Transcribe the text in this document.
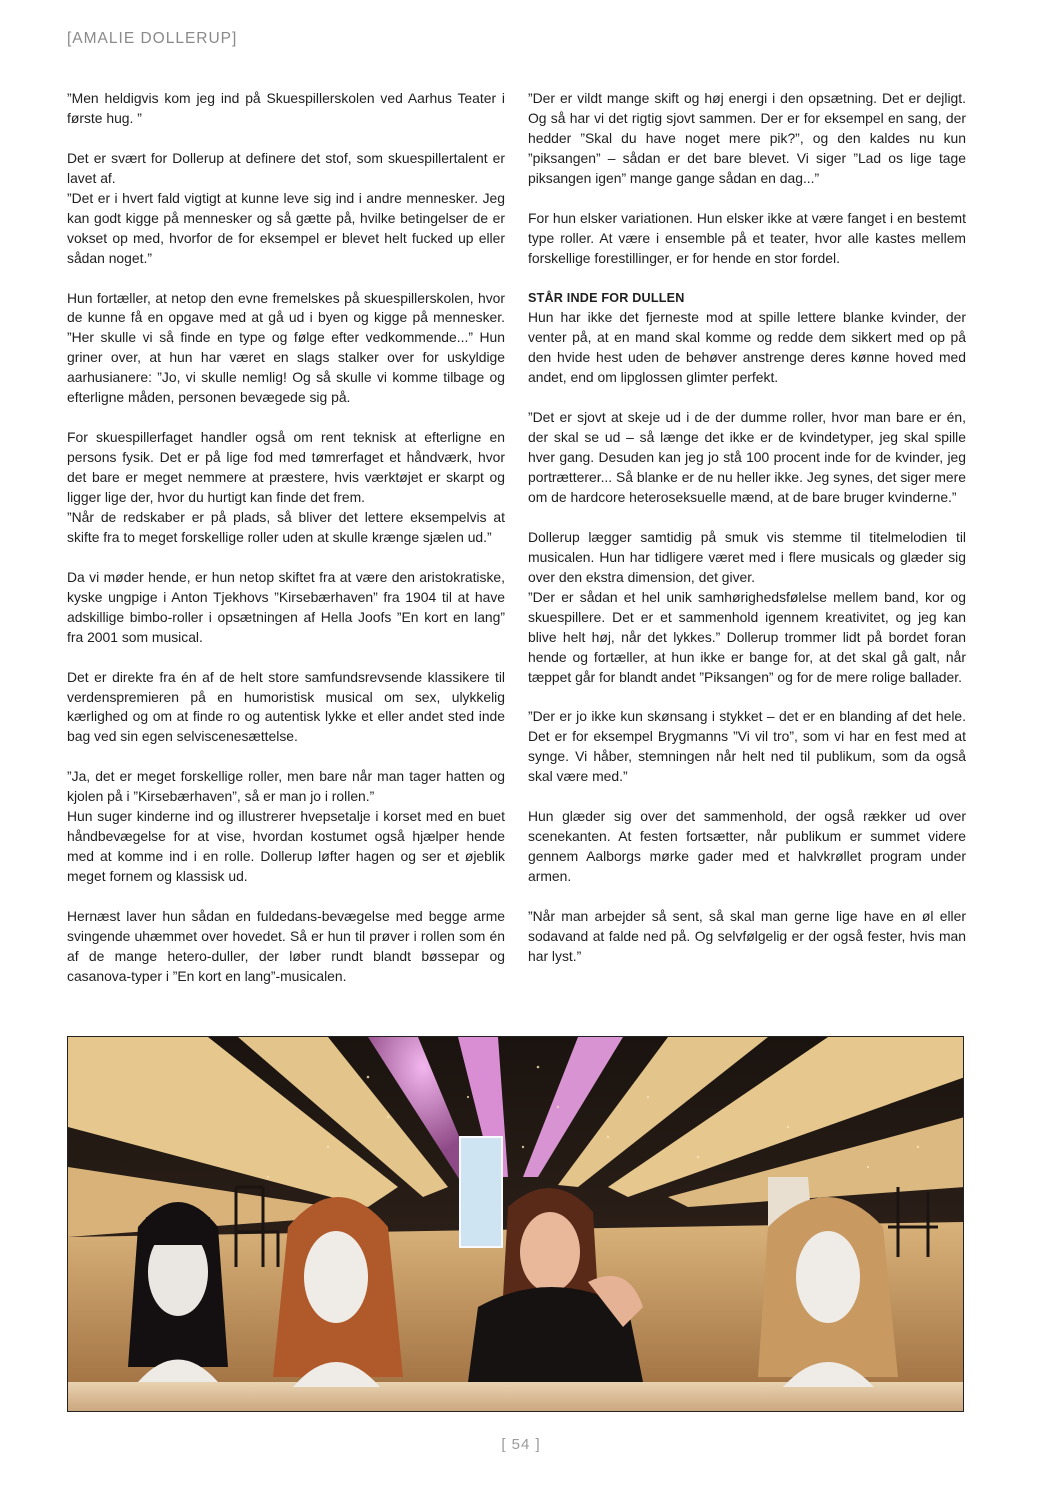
[AMALIE DOLLERUP]

”Men heldigvis kom jeg ind på Skuespillerskolen ved Aarhus Teater i første hug. ”

Det er svært for Dollerup at definere det stof, som skuespillertalent er lavet af.

”Det er i hvert fald vigtigt at kunne leve sig ind i andre mennesker. Jeg kan godt kigge på mennesker og så gætte på, hvilke betingelser de er vokset op med, hvorfor de for eksempel er blevet helt fucked up eller sådan noget.”

Hun fortæller, at netop den evne fremelskes på skuespillerskolen, hvor de kunne få en opgave med at gå ud i byen og kigge på mennesker. ”Her skulle vi så finde en type og følge efter vedkommende...” Hun griner over, at hun har været en slags stalker over for uskyldige aarhusianere: ”Jo, vi skulle nemlig! Og så skulle vi komme tilbage og efterligne måden, personen bevægede sig på.

For skuespillerfaget handler også om rent teknisk at efterligne en persons fysik. Det er på lige fod med tømrerfaget et håndværk, hvor det bare er meget nemmere at præstere, hvis værktøjet er skarpt og ligger lige der, hvor du hurtigt kan finde det frem.

”Når de redskaber er på plads, så bliver det lettere eksempelvis at skifte fra to meget forskellige roller uden at skulle krænge sjælen ud.”

Da vi møder hende, er hun netop skiftet fra at være den aristokratiske, kyske ungpige i Anton Tjekhovs ”Kirsebærhaven” fra 1904 til at have adskillige bimbo-roller i opsætningen af Hella Joofs ”En kort en lang” fra 2001 som musical.

Det er direkte fra én af de helt store samfundsrevsende klassikere til verdenspremieren på en humoristisk musical om sex, ulykkelig kærlighed og om at finde ro og autentisk lykke et eller andet sted inde bag ved sin egen selviscenesættelse.

”Ja, det er meget forskellige roller, men bare når man tager hatten og kjolen på i ”Kirsebærhaven”, så er man jo i rollen.”

Hun suger kinderne ind og illustrerer hvepsetalje i korset med en buet håndbevægelse for at vise, hvordan kostumet også hjælper hende med at komme ind i en rolle. Dollerup løfter hagen og ser et øjeblik meget fornem og klassisk ud.

Hernæst laver hun sådan en fuldedans-bevægelse med begge arme svingende uhæmmet over hovedet. Så er hun til prøver i rollen som én af de mange hetero-duller, der løber rundt blandt bøssepar og casanova-typer i ”En kort en lang”-musicalen.

”Der er vildt mange skift og høj energi i den opsætning. Det er dejligt. Og så har vi det rigtig sjovt sammen. Der er for eksempel en sang, der hedder ”Skal du have noget mere pik?”, og den kaldes nu kun ”piksangen” – sådan er det bare blevet. Vi siger ”Lad os lige tage piksangen igen” mange gange sådan en dag...”

For hun elsker variationen. Hun elsker ikke at være fanget i en bestemt type roller. At være i ensemble på et teater, hvor alle kastes mellem forskellige forestillinger, er for hende en stor fordel.

STÅR INDE FOR DULLEN

Hun har ikke det fjerneste mod at spille lettere blanke kvinder, der venter på, at en mand skal komme og redde dem sikkert med op på den hvide hest uden de behøver anstrenge deres kønne hoved med andet, end om lipglossen glimter perfekt.

”Det er sjovt at skeje ud i de der dumme roller, hvor man bare er én, der skal se ud – så længe det ikke er de kvindetyper, jeg skal spille hver gang. Desuden kan jeg jo stå 100 procent inde for de kvinder, jeg portrætterer... Så blanke er de nu heller ikke. Jeg synes, det siger mere om de hardcore heteroseksuelle mænd, at de bare bruger kvinderne.”

Dollerup lægger samtidig på smuk vis stemme til titelmelodien til musicalen. Hun har tidligere været med i flere musicals og glæder sig over den ekstra dimension, det giver.

”Der er sådan et hel unik samhørighedsfølelse mellem band, kor og skuespillere. Det er et sammenhold igennem kreativitet, og jeg kan blive helt høj, når det lykkes.” Dollerup trommer lidt på bordet foran hende og fortæller, at hun ikke er bange for, at det skal gå galt, når tæppet går for blandt andet ”Piksangen” og for de mere rolige ballader.

”Der er jo ikke kun skønsang i stykket – det er en blanding af det hele. Det er for eksempel Brygmanns ”Vi vil tro”, som vi har en fest med at synge. Vi håber, stemningen når helt ned til publikum, som da også skal være med.”

Hun glæder sig over det sammenhold, der også rækker ud over scenekanten. At festen fortsætter, når publikum er summet videre gennem Aalborgs mørke gader med et halvkrøllet program under armen.

”Når man arbejder så sent, så skal man gerne lige have en øl eller sodavand at falde ned på. Og selvfølgelig er der også fester, hvis man har lyst.”

[ 54 ]
